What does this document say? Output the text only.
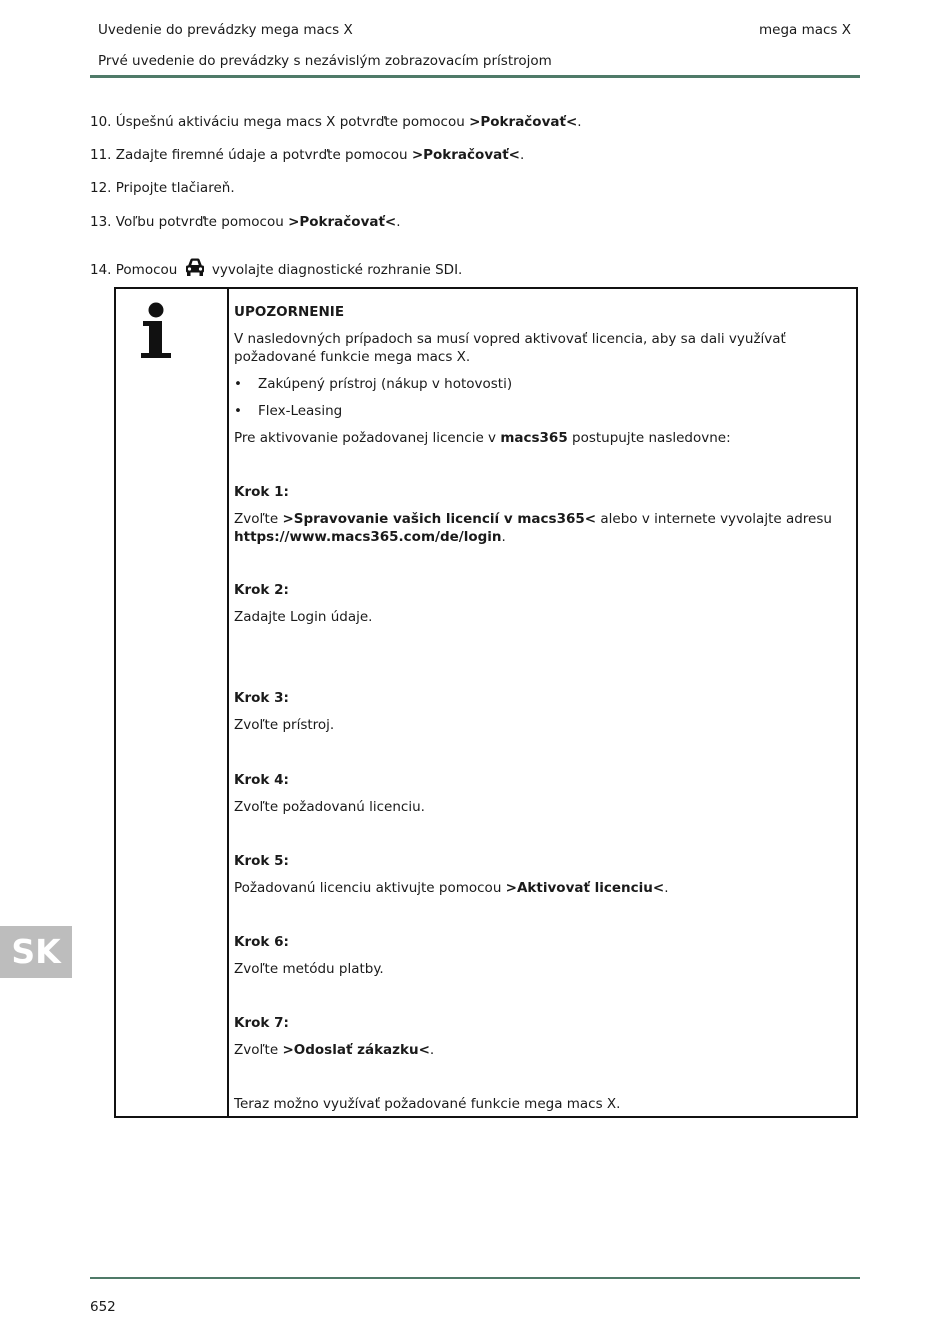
Uvedenie do prevádzky mega macs X	mega macs X
Prvé uvedenie do prevádzky s nezávislým zobrazovacím prístrojom

10. Úspešnú aktiváciu mega macs X potvrďte pomocou >Pokračovať<.

11. Zadajte firemné údaje a potvrďte pomocou >Pokračovať<.

12. Pripojte tlačiareň.

13. Voľbu potvrďte pomocou >Pokračovať<.

14. Pomocou	vyvolajte diagnostické rozhranie SDI.

UPOZORNENIE
V nasledovných prípadoch sa musí vopred aktivovať licencia, aby sa dali využívať požadované funkcie mega macs X.
• Zakúpený prístroj (nákup v hotovosti)
• Flex-Leasing
Pre aktivovanie požadovanej licencie v macs365 postupujte nasledovne:
Krok 1:
Zvoľte >Spravovanie vašich licencií v macs365< alebo v internete vyvolajte adresu https://www.macs365.com/de/login.
Krok 2:
Zadajte Login údaje.
Krok 3:
Zvoľte prístroj.
Krok 4:
Zvoľte požadovanú licenciu.
Krok 5:
Požadovanú licenciu aktivujte pomocou >Aktivovať licenciu<.
Krok 6:
Zvoľte metódu platby.
Krok 7:
Zvoľte >Odoslať zákazku<.
Teraz možno využívať požadované funkcie mega macs X.
SK
652
